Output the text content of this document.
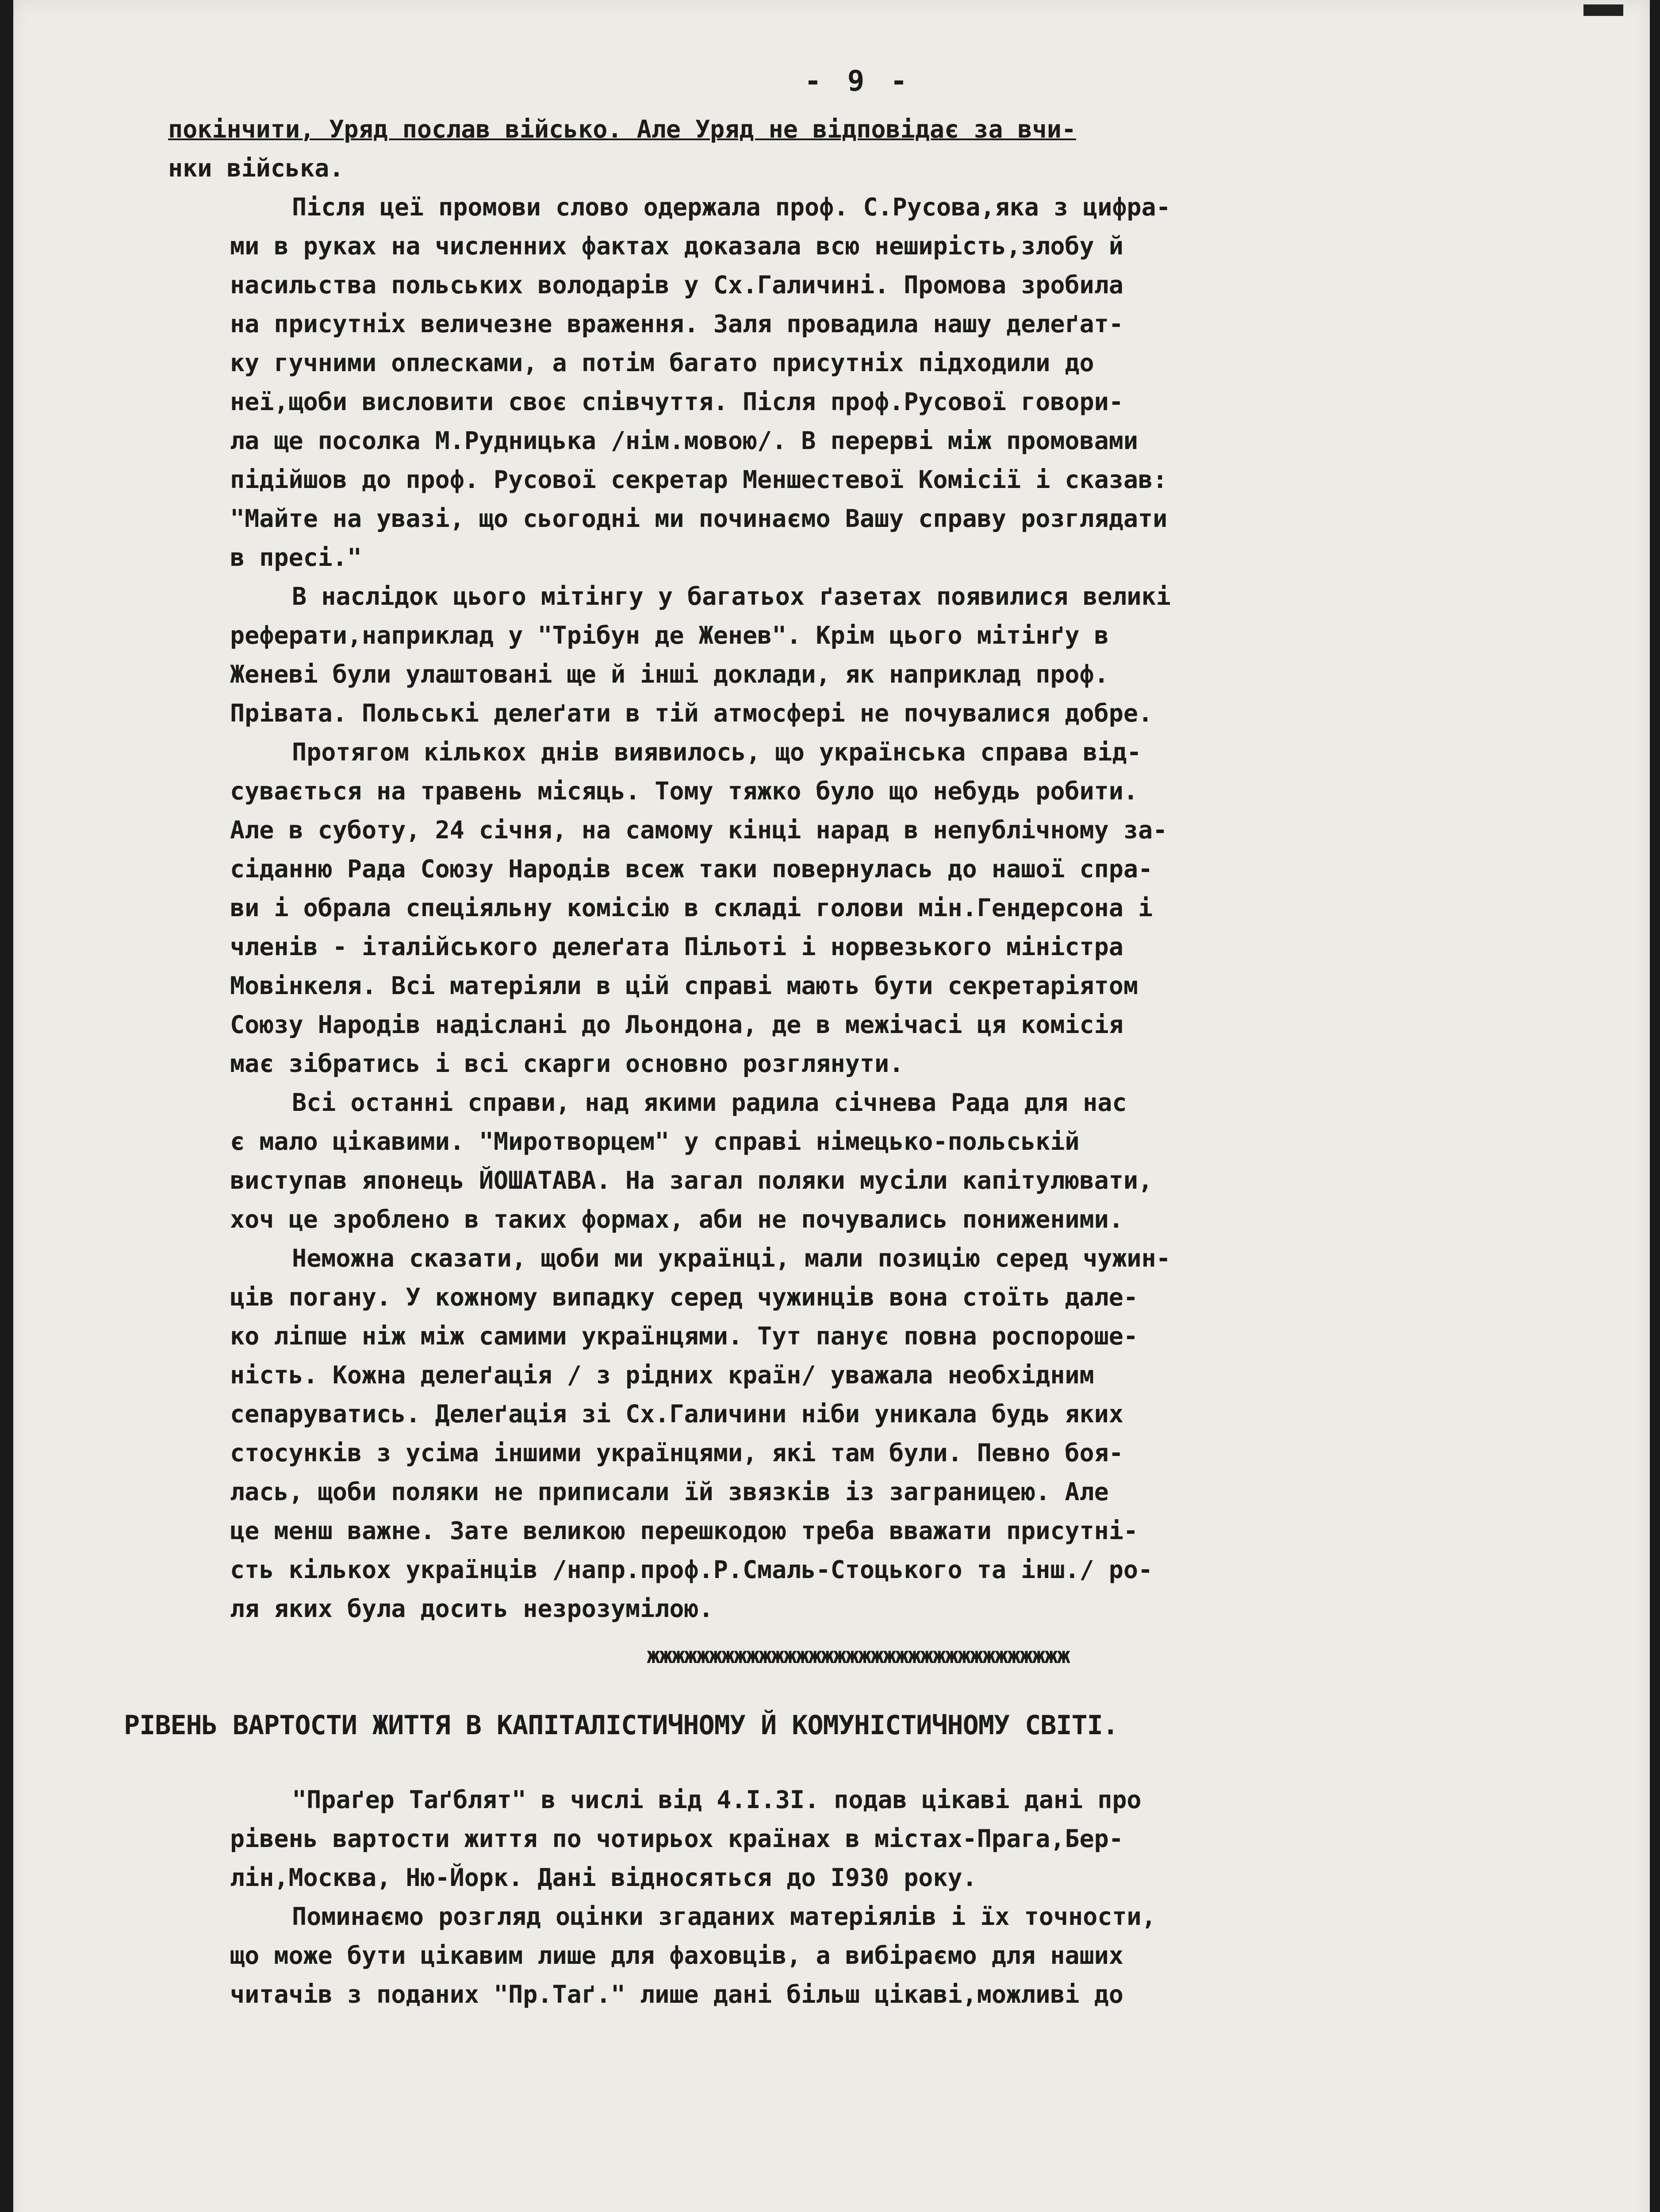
- 9 -
покінчити, Уряд послав військо. Але Уряд не відповідає за вчи-
нки війська.
Після цеї промови слово одержала проф. С.Русова,яка з цифра-
ми в руках на численних фактах доказала всю неширіcть,злобу й
насильства польських володарів у Сх.Галичині. Промова зробила
на присутніх величезне враження. Заля провадила нашу делеґат-
ку гучними оплесками, а потім багато присутніх підходили до
неї,щоби висловити своє співчуття. Після проф.Русової говори-
ла ще посолка М.Рудницька /нім.мовою/. В перерві між промовами
підійшов до проф. Русової секретар Меншестевої Комісії і сказав:
"Майте на увазі, що сьогодні ми починаємо Вашу справу розглядати
в пресі."
В наслідок цього мітінгу у багатьох ґазетах появилися великі
реферати,наприклад у "Трібун де Женев". Крім цього мітінґу в
Женеві були улаштовані ще й інші доклади, як наприклад проф.
Прівата. Польські делеґати в тій атмосфері не почувалися добре.
Протягом кількох днів виявилось, що українська справа від-
сувається на травень місяць. Тому тяжко було що небудь робити.
Але в суботу, 24 січня, на самому кінці нарад в непублічному за-
сіданню Рада Союзу Народів всеж таки повернулась до нашої спра-
ви і обрала спеціяльну комісію в складі голови мін.Гендерсона і
членів - італійського делеґата Пільоті і норвезького міністра
Мовінкеля. Всі матеріяли в цій справі мають бути секретаріятом
Союзу Народів надіслані до Льондона, де в межічасі ця комісія
має зібратись і всі скарги основно розглянути.
Всі останні справи, над якими радила січнева Рада для нас
є мало цікавими. "Миротворцем" у справі німецько-польській
виступав японець ЙОШАТАВА. На загал поляки мусіли капітулювати,
хоч це зроблено в таких формах, аби не почувались пониженими.
Неможна сказати, щоби ми українці, мали позицію серед чужин-
ців погану. У кожному випадку серед чужинців вона стоїть дале-
ко ліпше ніж між самими українцями. Тут панує повна роспороше-
ність. Кожна делеґація / з рідних країн/ уважала необхідним
сепаруватись. Делеґація зі Сх.Галичини ніби уникала будь яких
стосунків з усіма іншими українцями, які там були. Певно боя-
лась, щоби поляки не приписали їй звязків із заграницею. Але
це менш важне. Зате великою перешкодою треба вважати присутні-
сть кількох українців /напр.проф.Р.Смаль-Стоцького та інш./ ро-
ля яких була досить незрозумілою.
жжжжжжжжжжжжжжжжжжжжжжжжжжжжжжжжжж
РІВЕНЬ ВАРТОСТИ ЖИТТЯ В КАПІТАЛІСТИЧНОМУ Й КОМУНІСТИЧНОМУ СВІТІ.
"Праґер Таґблят" в числі від 4.І.3І. подав цікаві дані про
рівень вартости життя по чотирьох країнах в містах-Прага,Бер-
лін,Москва, Ню-Йорк. Дані відносяться до І930 року.
Поминаємо розгляд оцінки згаданих матеріялів і їх точности,
що може бути цікавим лише для фаховців, а вибіраємо для наших
читачів з поданих "Пр.Таґ." лише дані більш цікаві,можливі до
